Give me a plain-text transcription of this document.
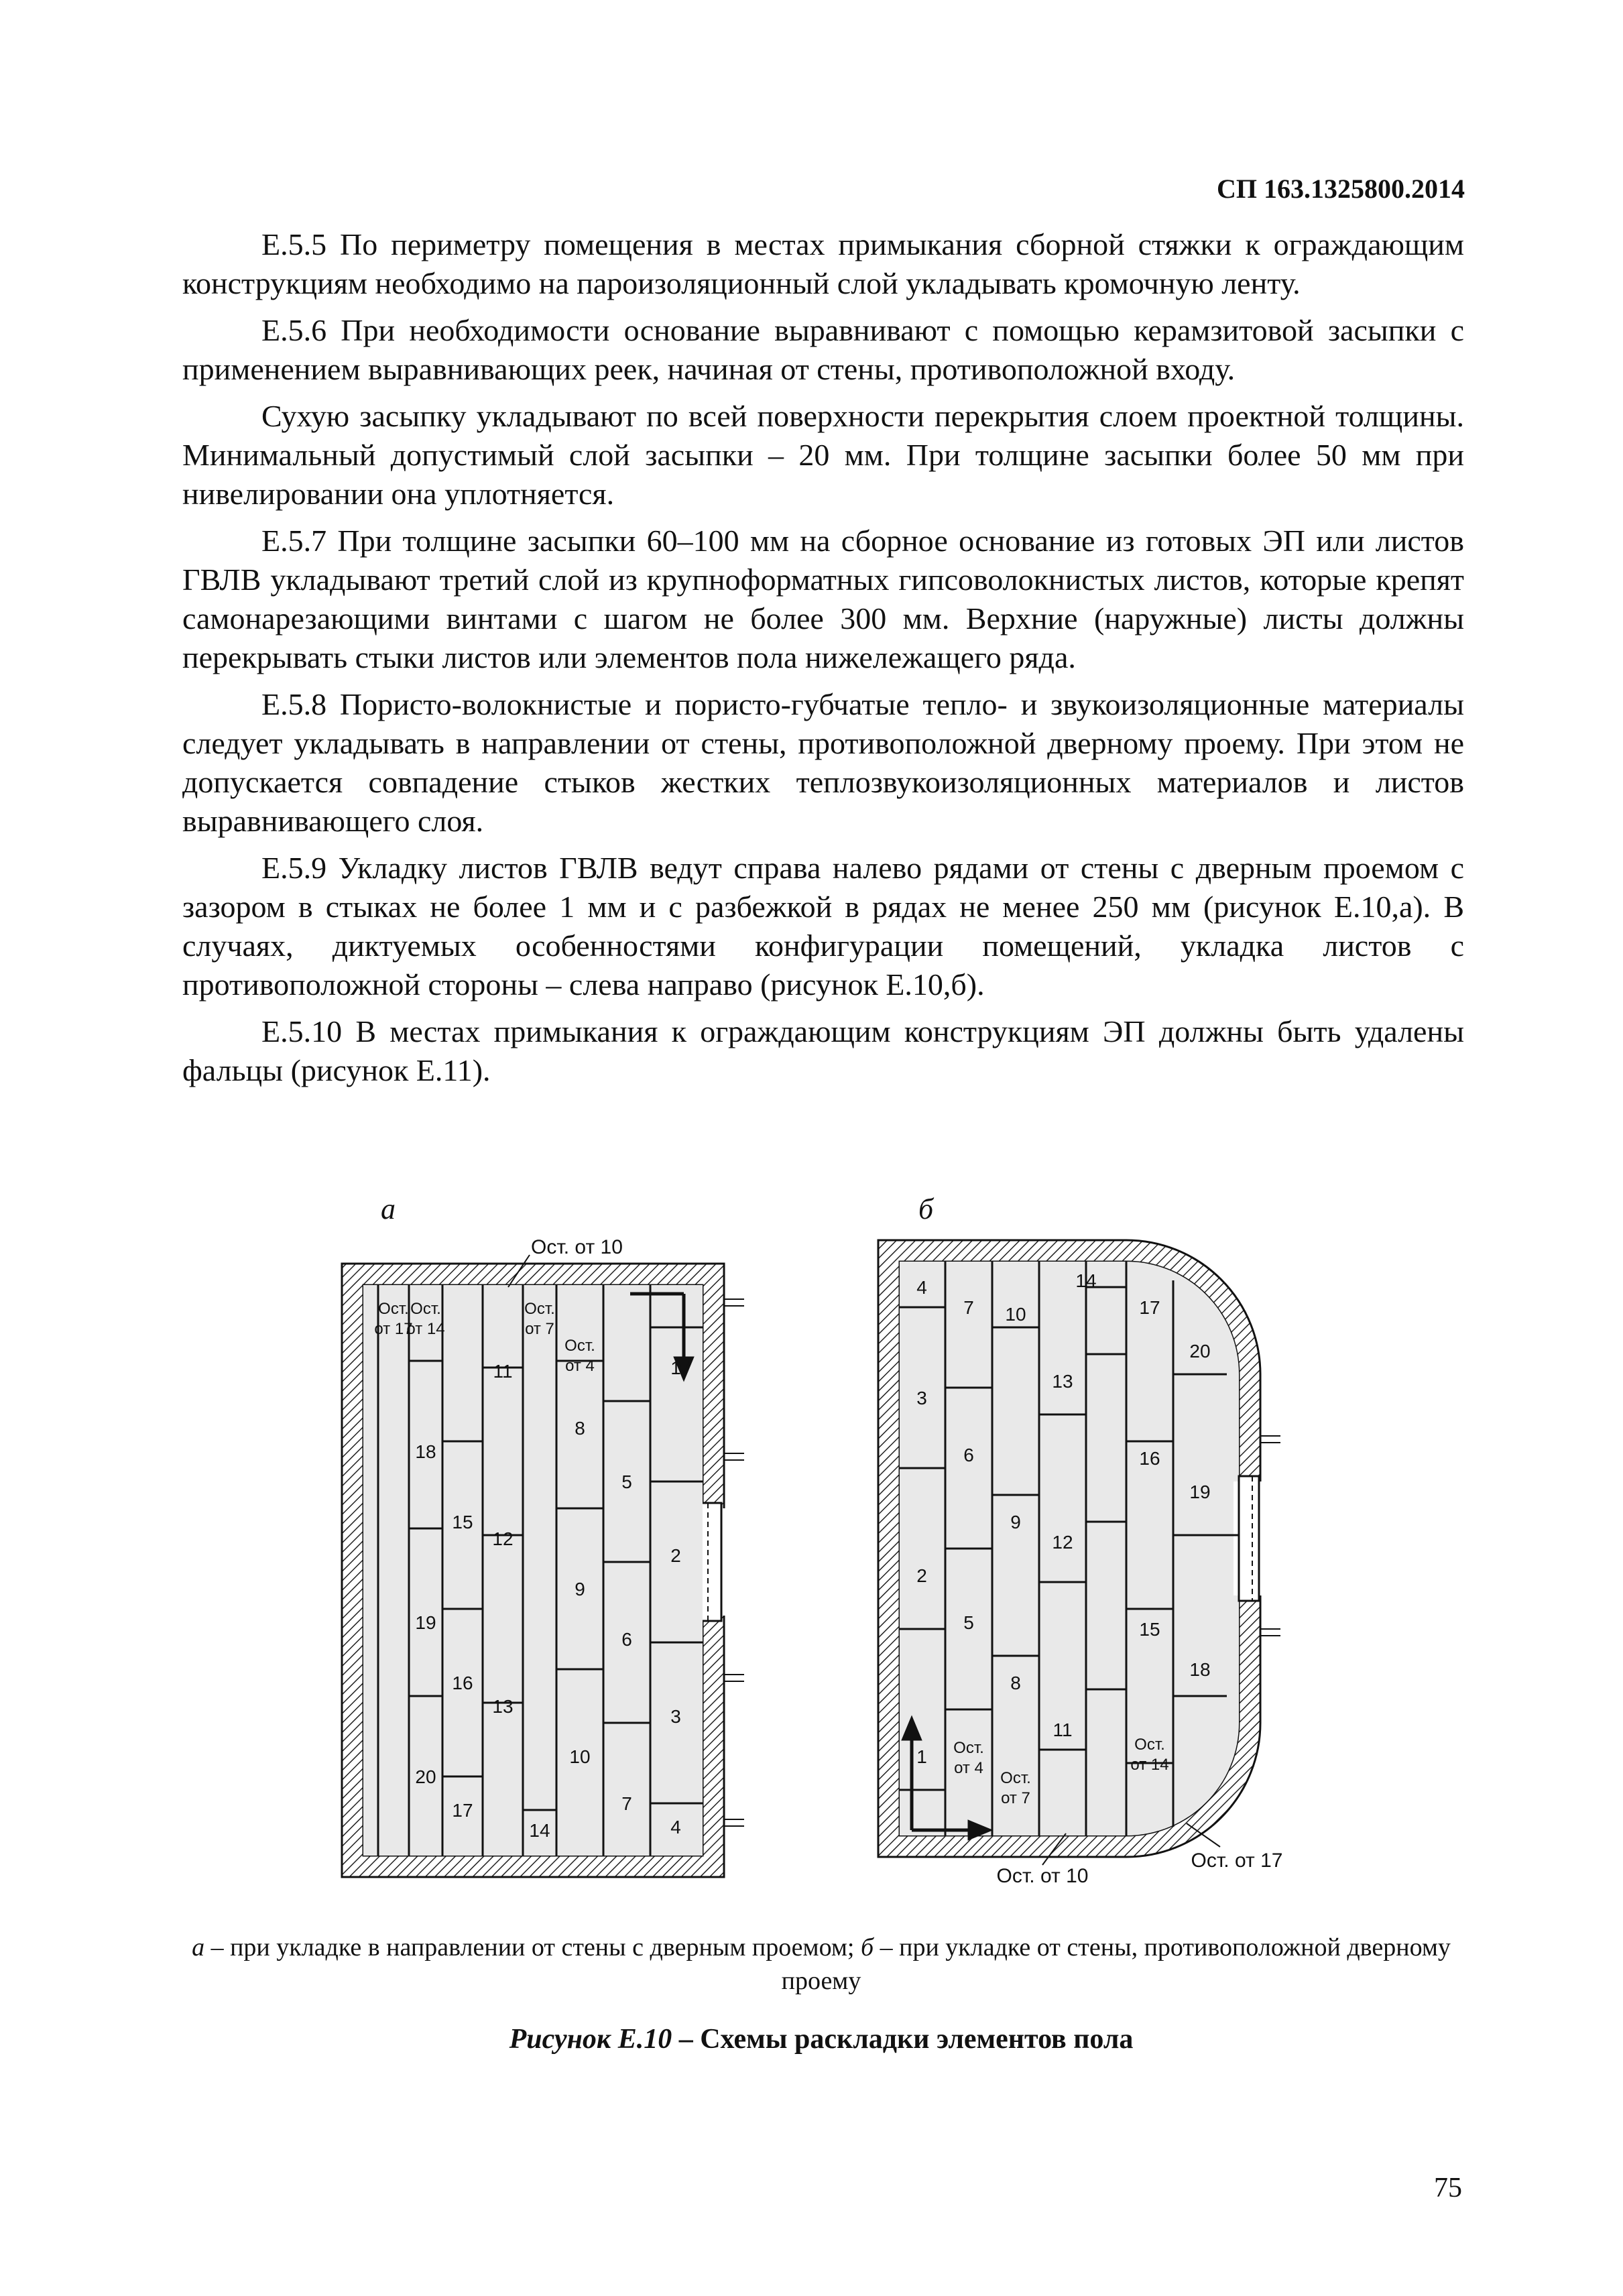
СП 163.1325800.2014

Е.5.5 По периметру помещения в местах примыкания сборной стяжки к ограждающим конструкциям необходимо на пароизоляционный слой укладывать кромочную ленту.

Е.5.6 При необходимости основание выравнивают с помощью керамзитовой засыпки с применением выравнивающих реек, начиная от стены, противоположной входу.

Сухую засыпку укладывают по всей поверхности перекрытия слоем проектной толщины. Минимальный допустимый слой засыпки – 20 мм. При толщине засыпки более 50 мм при нивелировании она уплотняется.

Е.5.7 При толщине засыпки 60–100 мм на сборное основание из готовых ЭП или листов ГВЛВ укладывают третий слой из крупноформатных гипсоволокнистых листов, которые крепят самонарезающими винтами с шагом не более 300 мм. Верхние (наружные) листы должны перекрывать стыки листов или элементов пола нижележащего ряда.

Е.5.8 Пористо-волокнистые и пористо-губчатые тепло- и звукоизоляционные материалы следует укладывать в направлении от стены, противоположной дверному проему. При этом не допускается совпадение стыков жестких теплозвукоизоляционных материалов и листов выравнивающего слоя.

Е.5.9 Укладку листов ГВЛВ ведут справа налево рядами от стены с дверным проемом с зазором в стыках не более 1 мм и с разбежкой в рядах не менее 250 мм (рисунок Е.10,а). В случаях, диктуемых особенностями конфигурации помещений, укладка листов с противоположной стороны – слева направо (рисунок Е.10,б).

Е.5.10 В местах примыкания к ограждающим конструкциям ЭП должны быть удалены фальцы (рисунок Е.11).

а	б
Ост. от 10
Ост.
от 17
Ост.
от 14
Ост.
от 7
Ост.
от 4	1
2
3
4
5
6
7
8
9
10
11
12
13
14
15
16
17
18
19
20
Ост. от 10
Ост. от 17
1
2
3
4
5
6
7
8
9
10
11
12
13
14
15
16
17
18
19
20
Ост.
от 4
Ост.
от 7
Ост.
от 14
а – при укладке в направлении от стены с дверным проемом; б – при укладке от стены, противоположной дверному проему
Рисунок Е.10 – Схемы раскладки элементов пола
75
